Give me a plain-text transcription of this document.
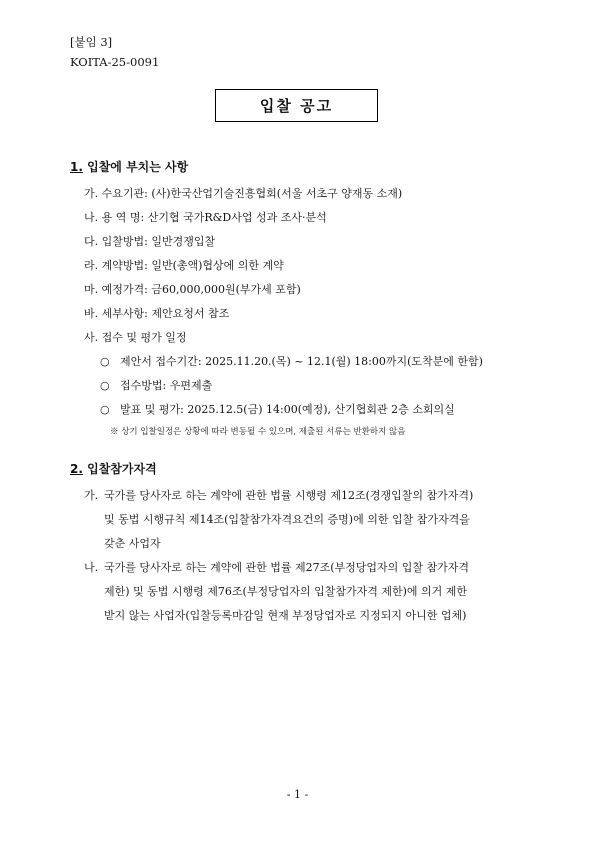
[붙임 3]
KOITA-25-0091
입찰 공고
1. 입찰에 부치는 사항
가. 수요기관: (사)한국산업기술진흥협회(서울 서초구 양재동 소재)
나. 용 역 명: 산기협 국가R&D사업 성과 조사·분석
다. 입찰방법: 일반경쟁입찰
라. 계약방법: 일반(총액)협상에 의한 계약
마. 예정가격: 금60,000,000원(부가세 포함)
바. 세부사항: 제안요청서 참조
사. 접수 및 평가 일정
○ 제안서 접수기간: 2025.11.20.(목) ~ 12.1(월) 18:00까지(도착분에 한함)
○ 접수방법: 우편제출
○ 발표 및 평가: 2025.12.5(금) 14:00(예정), 산기협회관 2층 소회의실
※ 상기 입찰일정은 상황에 따라 변동될 수 있으며, 제출된 서류는 반환하지 않음
2. 입찰참가자격
가. 국가를 당사자로 하는 계약에 관한 법률 시행령 제12조(경쟁입찰의 참가자격)
및 동법 시행규칙 제14조(입찰참가자격요건의 증명)에 의한 입찰 참가자격을
갖춘 사업자
나. 국가를 당사자로 하는 계약에 관한 법률 제27조(부정당업자의 입찰 참가자격
제한) 및 동법 시행령 제76조(부정당업자의 입찰참가자격 제한)에 의거 제한
받지 않는 사업자(입찰등록마감일 현재 부정당업자로 지정되지 아니한 업체)
- 1 -
